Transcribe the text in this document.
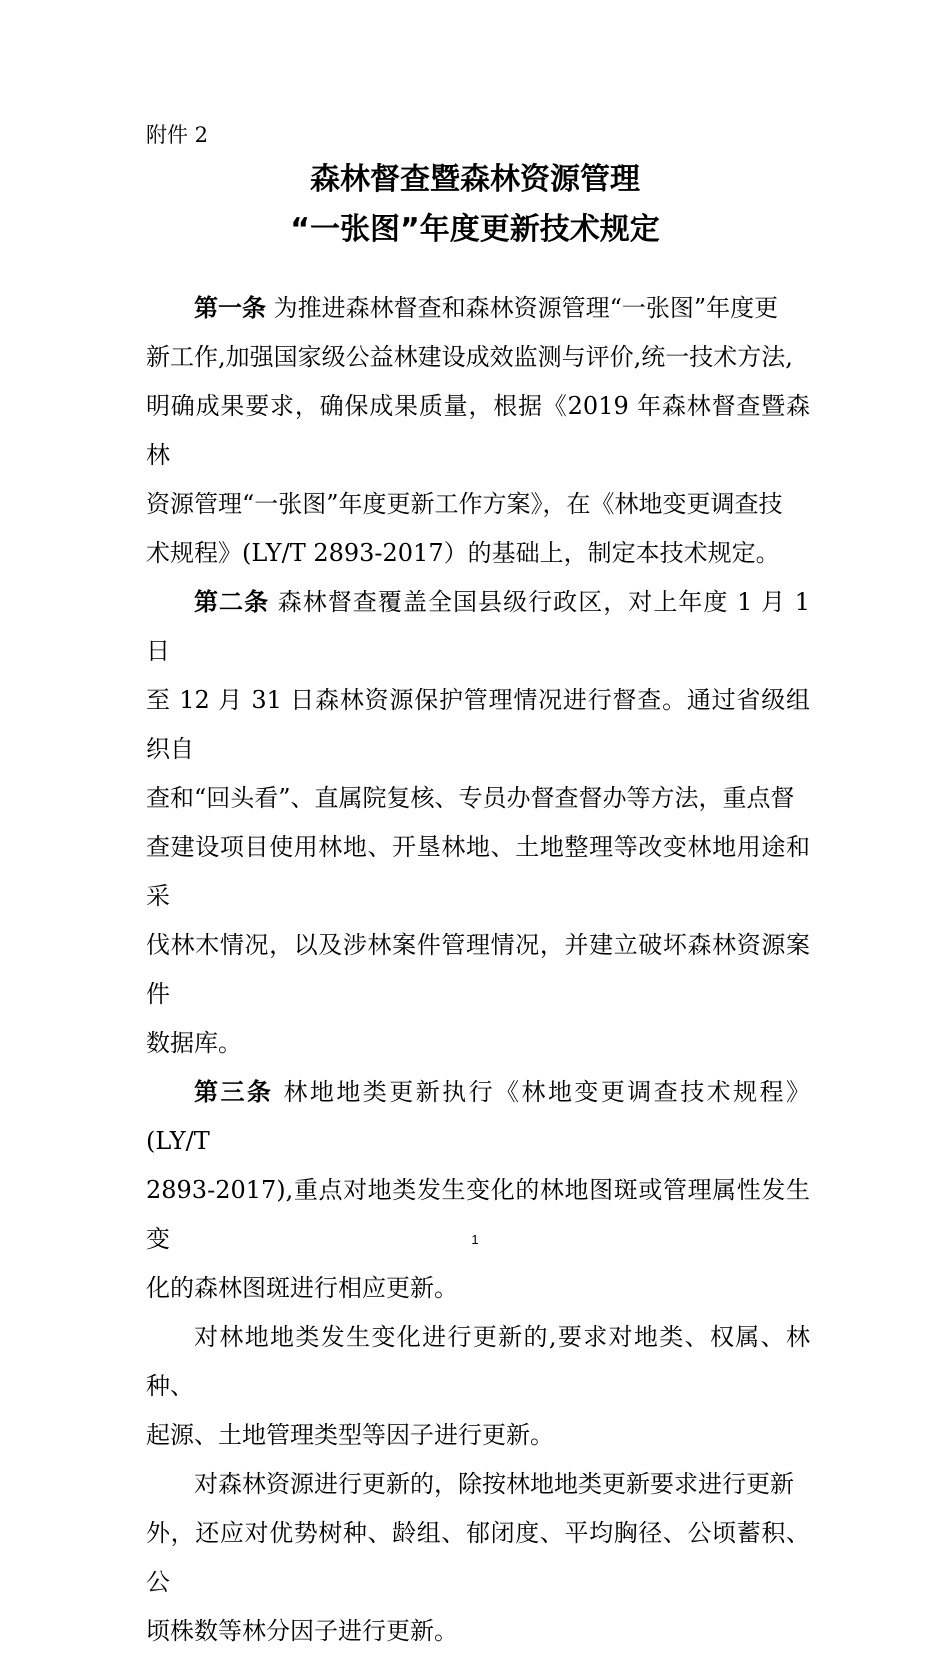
附件 2
森林督查暨森林资源管理
“一张图”年度更新技术规定
第一条 为推进森林督查和森林资源管理“一张图”年度更
新工作,加强国家级公益林建设成效监测与评价,统一技术方法,
明确成果要求，确保成果质量，根据《2019 年森林督查暨森林
资源管理“一张图”年度更新工作方案》，在《林地变更调查技
术规程》(LY/T 2893-2017）的基础上，制定本技术规定。
第二条 森林督查覆盖全国县级行政区，对上年度 1 月 1 日
至 12 月 31 日森林资源保护管理情况进行督查。通过省级组织自
查和“回头看”、直属院复核、专员办督查督办等方法，重点督
查建设项目使用林地、开垦林地、土地整理等改变林地用途和采
伐林木情况，以及涉林案件管理情况，并建立破坏森林资源案件
数据库。
第三条 林地地类更新执行《林地变更调查技术规程》(LY/T
2893-2017),重点对地类发生变化的林地图斑或管理属性发生变
化的森林图斑进行相应更新。
对林地地类发生变化进行更新的,要求对地类、权属、林种、
起源、土地管理类型等因子进行更新。
对森林资源进行更新的，除按林地地类更新要求进行更新
外，还应对优势树种、龄组、郁闭度、平均胸径、公顷蓄积、公
顷株数等林分因子进行更新。
1
